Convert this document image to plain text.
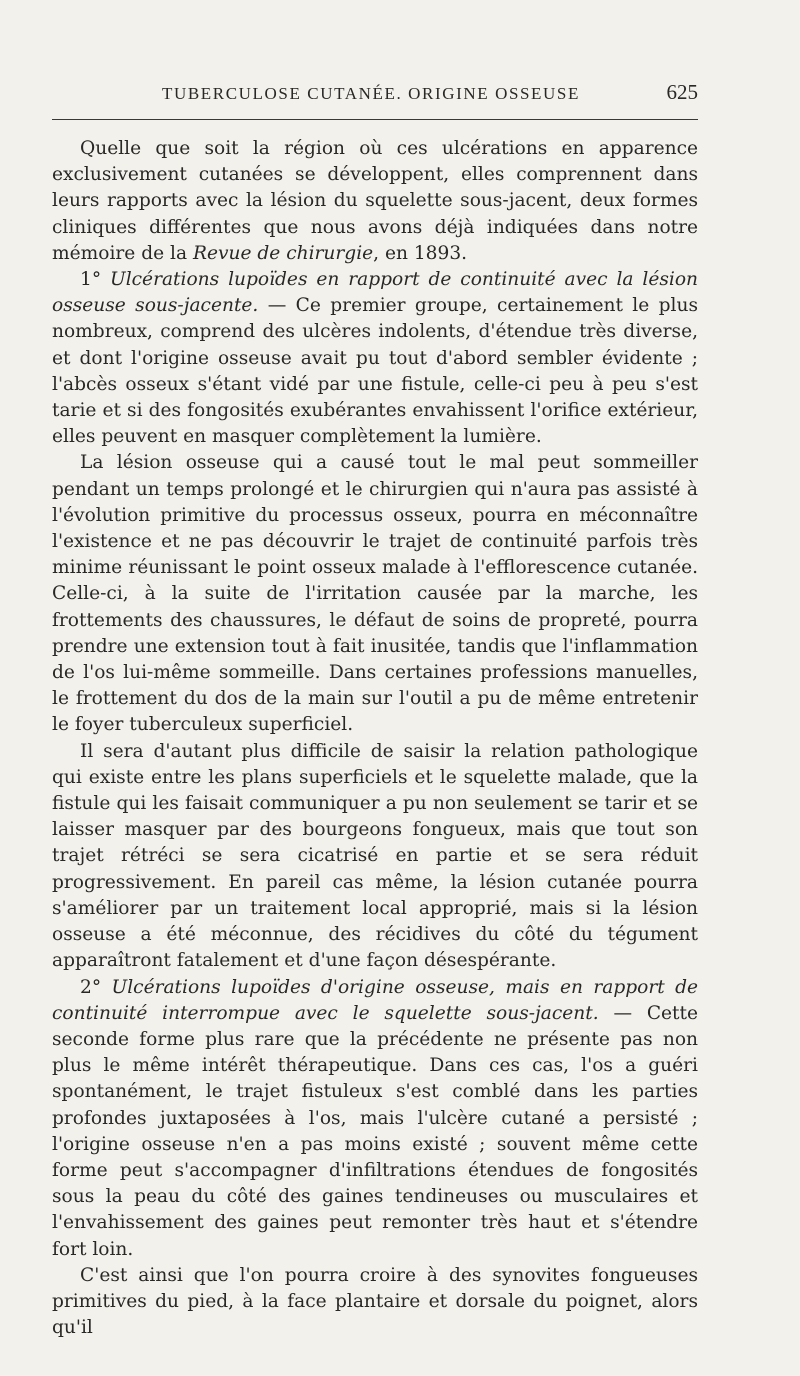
TUBERCULOSE CUTANÉE. ORIGINE OSSEUSE	625

Quelle que soit la région où ces ulcérations en apparence exclusivement cutanées se développent, elles comprennent dans leurs rapports avec la lésion du squelette sous-jacent, deux formes cliniques différentes que nous avons déjà indiquées dans notre mémoire de la Revue de chirurgie, en 1893.

1° Ulcérations lupoïdes en rapport de continuité avec la lésion osseuse sous-jacente. — Ce premier groupe, certainement le plus nombreux, comprend des ulcères indolents, d'étendue très diverse, et dont l'origine osseuse avait pu tout d'abord sembler évidente ; l'abcès osseux s'étant vidé par une fistule, celle-ci peu à peu s'est tarie et si des fongosités exubérantes envahissent l'orifice extérieur, elles peuvent en masquer complètement la lumière.

La lésion osseuse qui a causé tout le mal peut sommeiller pendant un temps prolongé et le chirurgien qui n'aura pas assisté à l'évolution primitive du processus osseux, pourra en méconnaître l'existence et ne pas découvrir le trajet de continuité parfois très minime réunissant le point osseux malade à l'efflorescence cutanée. Celle-ci, à la suite de l'irritation causée par la marche, les frottements des chaussures, le défaut de soins de propreté, pourra prendre une extension tout à fait inusitée, tandis que l'inflammation de l'os lui-même sommeille. Dans certaines professions manuelles, le frottement du dos de la main sur l'outil a pu de même entretenir le foyer tuberculeux superficiel.

Il sera d'autant plus difficile de saisir la relation pathologique qui existe entre les plans superficiels et le squelette malade, que la fistule qui les faisait communiquer a pu non seulement se tarir et se laisser masquer par des bourgeons fongueux, mais que tout son trajet rétréci se sera cicatrisé en partie et se sera réduit progressivement. En pareil cas même, la lésion cutanée pourra s'améliorer par un traitement local approprié, mais si la lésion osseuse a été méconnue, des récidives du côté du tégument apparaîtront fatalement et d'une façon désespérante.

2° Ulcérations lupoïdes d'origine osseuse, mais en rapport de continuité interrompue avec le squelette sous-jacent. — Cette seconde forme plus rare que la précédente ne présente pas non plus le même intérêt thérapeutique. Dans ces cas, l'os a guéri spontanément, le trajet fistuleux s'est comblé dans les parties profondes juxtaposées à l'os, mais l'ulcère cutané a persisté ; l'origine osseuse n'en a pas moins existé ; souvent même cette forme peut s'accompagner d'infiltrations étendues de fongosités sous la peau du côté des gaines tendineuses ou musculaires et l'envahissement des gaines peut remonter très haut et s'étendre fort loin.

C'est ainsi que l'on pourra croire à des synovites fongueuses primitives du pied, à la face plantaire et dorsale du poignet, alors qu'il
